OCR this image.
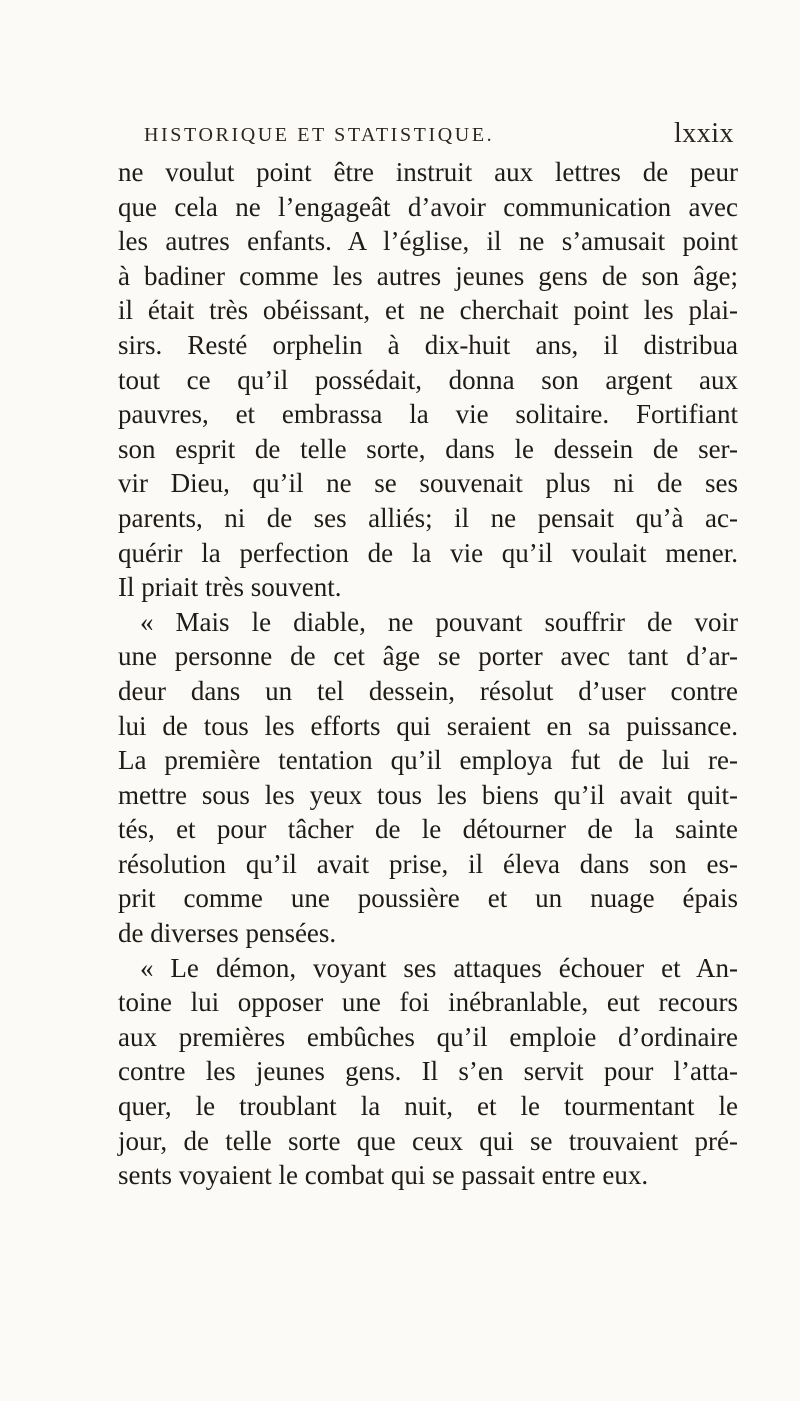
HISTORIQUE ET STATISTIQUE.	lxxix
ne voulut point être instruit aux lettres de peur
que cela ne l’engageât d’avoir communication avec
les autres enfants. A l’église, il ne s’amusait point
à badiner comme les autres jeunes gens de son âge;
il était très obéissant, et ne cherchait point les plai-
sirs. Resté orphelin à dix-huit ans, il distribua
tout ce qu’il possédait, donna son argent aux
pauvres, et embrassa la vie solitaire. Fortifiant
son esprit de telle sorte, dans le dessein de ser-
vir Dieu, qu’il ne se souvenait plus ni de ses
parents, ni de ses alliés; il ne pensait qu’à ac-
quérir la perfection de la vie qu’il voulait mener.
Il priait très souvent.
« Mais le diable, ne pouvant souffrir de voir
une personne de cet âge se porter avec tant d’ar-
deur dans un tel dessein, résolut d’user contre
lui de tous les efforts qui seraient en sa puissance.
La première tentation qu’il employa fut de lui re-
mettre sous les yeux tous les biens qu’il avait quit-
tés, et pour tâcher de le détourner de la sainte
résolution qu’il avait prise, il éleva dans son es-
prit comme une poussière et un nuage épais
de diverses pensées.
« Le démon, voyant ses attaques échouer et An-
toine lui opposer une foi inébranlable, eut recours
aux premières embûches qu’il emploie d’ordinaire
contre les jeunes gens. Il s’en servit pour l’atta-
quer, le troublant la nuit, et le tourmentant le
jour, de telle sorte que ceux qui se trouvaient pré-
sents voyaient le combat qui se passait entre eux.
